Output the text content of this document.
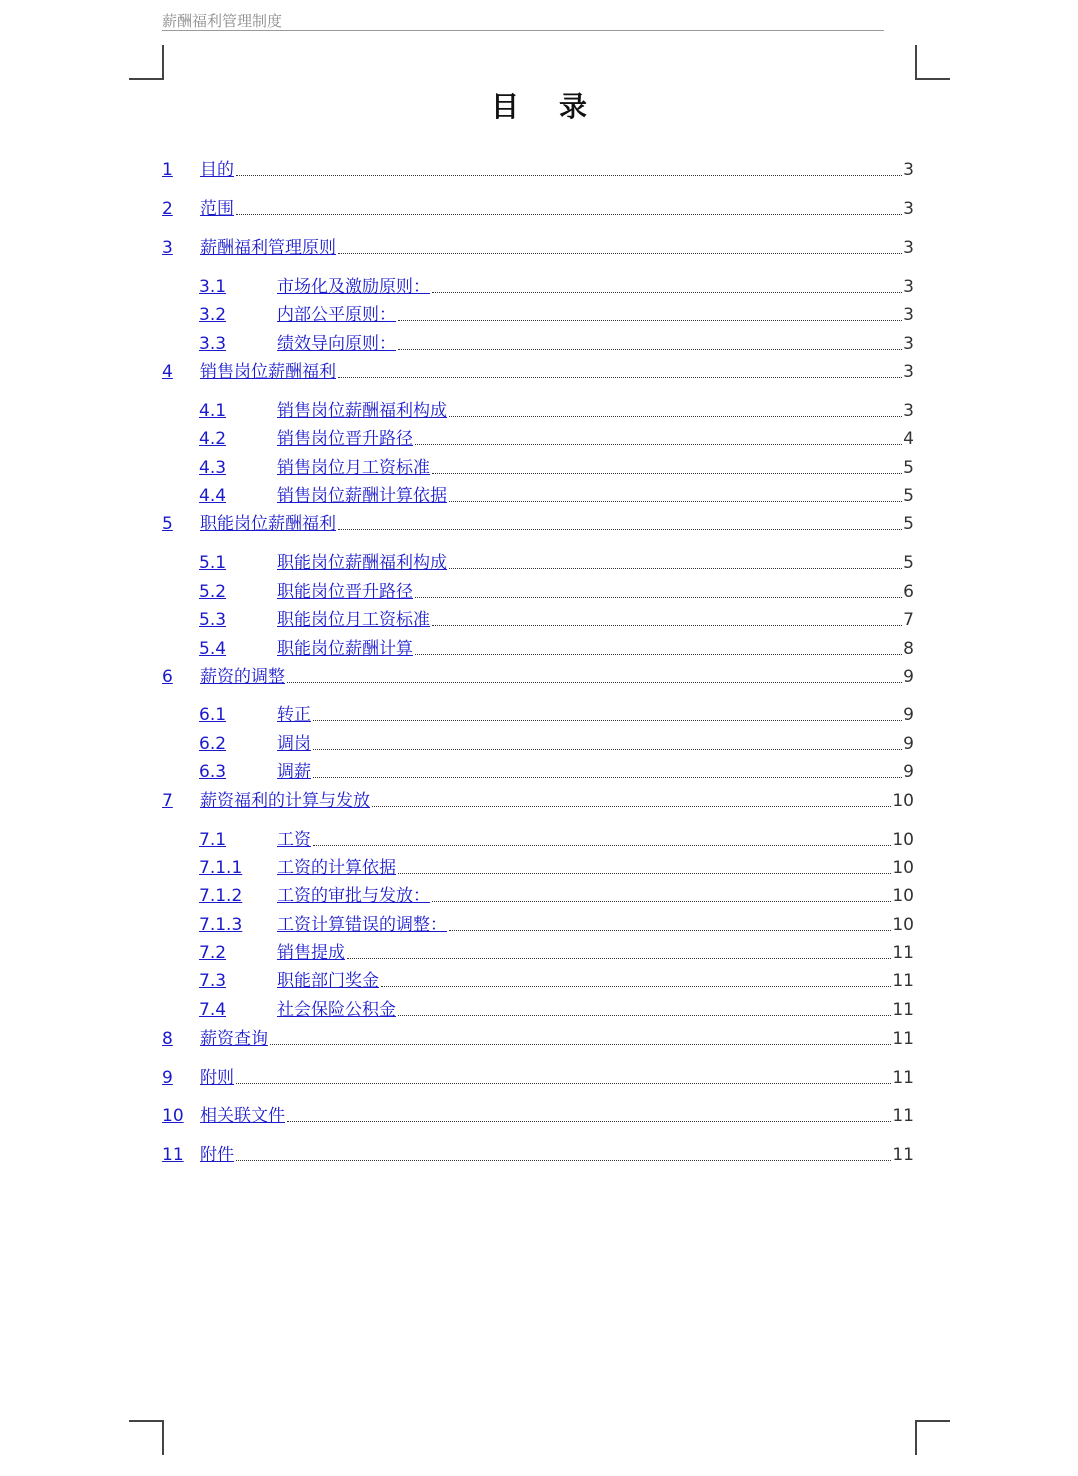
薪酬福利管理制度
目录
1	目的	3
2	范围	3
3	薪酬福利管理原则	3
3.1	市场化及激励原则：	3
3.2	内部公平原则：	3
3.3	绩效导向原则：	3
4	销售岗位薪酬福利	3
4.1	销售岗位薪酬福利构成	3
4.2	销售岗位晋升路径	4
4.3	销售岗位月工资标准	5
4.4	销售岗位薪酬计算依据	5
5	职能岗位薪酬福利	5
5.1	职能岗位薪酬福利构成	5
5.2	职能岗位晋升路径	6
5.3	职能岗位月工资标准	7
5.4	职能岗位薪酬计算	8
6	薪资的调整	9
6.1	转正	9
6.2	调岗	9
6.3	调薪	9
7	薪资福利的计算与发放	10
7.1	工资	10
7.1.1	工资的计算依据	10
7.1.2	工资的审批与发放：	10
7.1.3	工资计算错误的调整：	10
7.2	销售提成	11
7.3	职能部门奖金	11
7.4	社会保险公积金	11
8	薪资查询	11
9	附则	11
10 相关联文件	11
11 附件	11
